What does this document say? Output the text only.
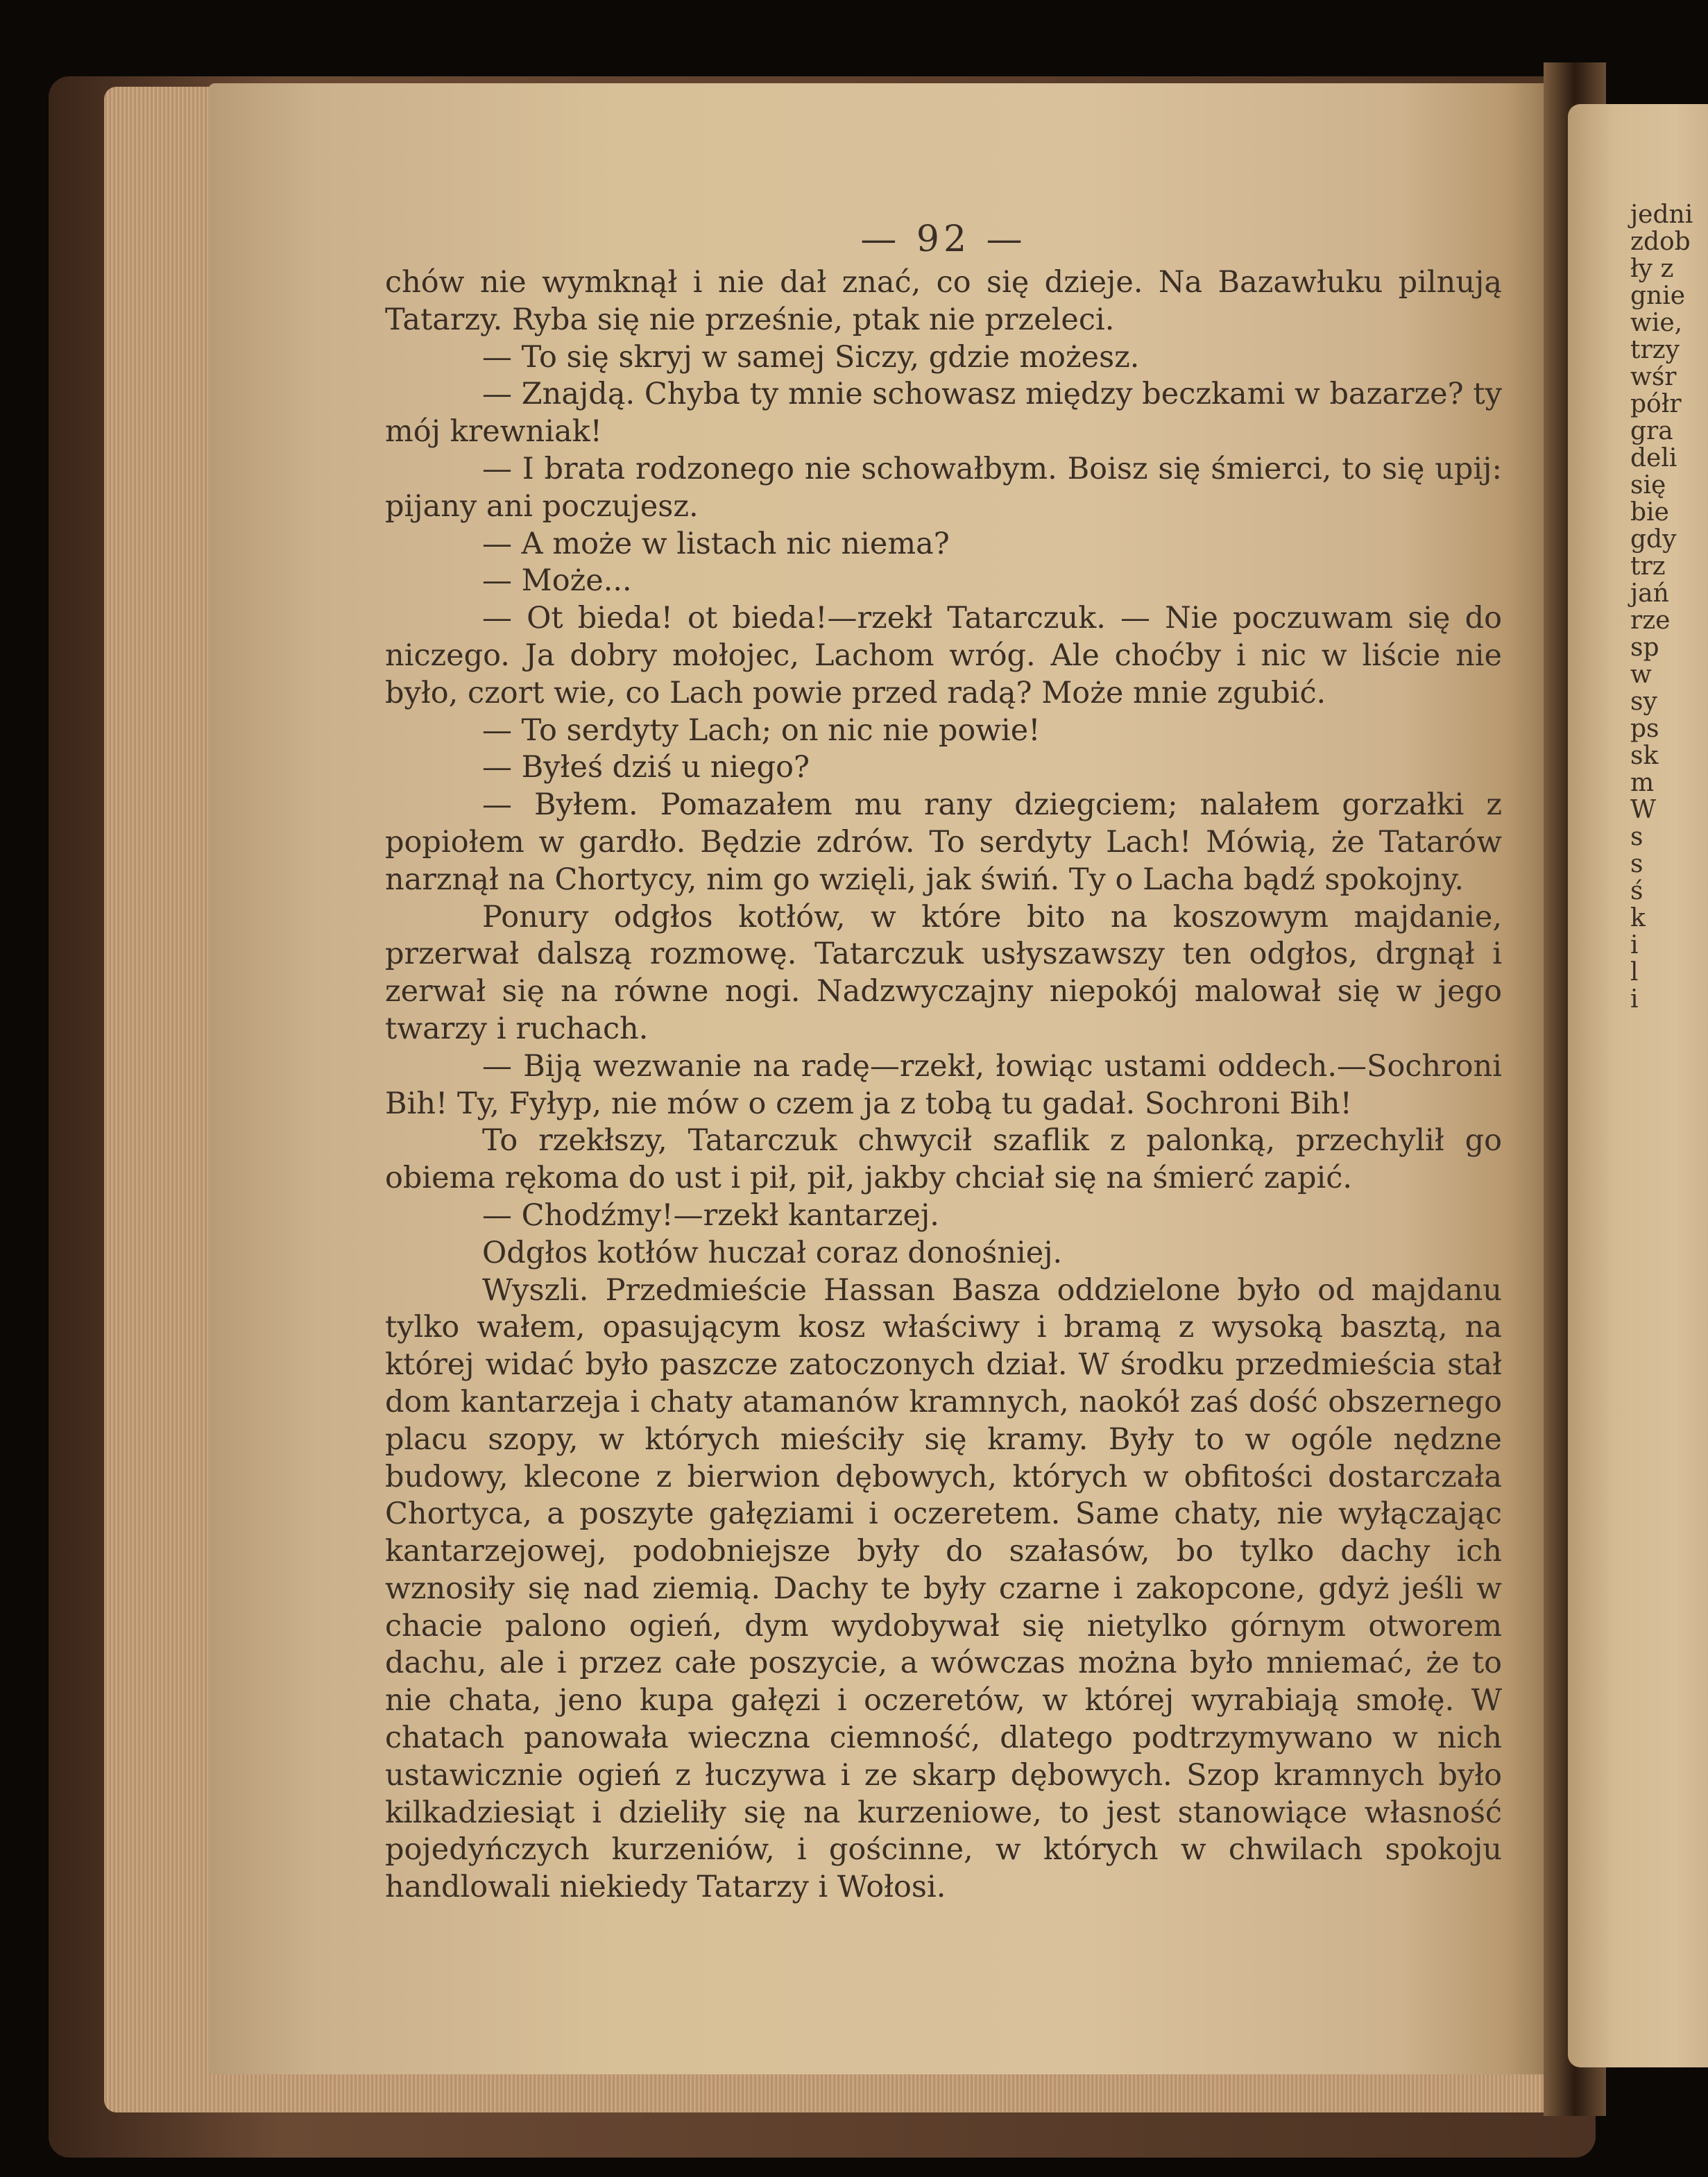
jedni
zdob
ły z
gnie
wie,
trzy
wśr
półr
gra
deli
się
bie
gdy
trz
jań
rze
sp
w
sy
ps
sk
m
W
s
s
ś
k
i
l
i
— 92 —

chów nie wymknął i nie dał znać, co się dzieje. Na Bazawłuku pilnują Tatarzy. Ryba się nie prześnie, ptak nie przeleci.

— To się skryj w samej Siczy, gdzie możesz.

— Znajdą. Chyba ty mnie schowasz między beczkami w bazarze? ty mój krewniak!

— I brata rodzonego nie schowałbym. Boisz się śmierci, to się upij: pijany ani poczujesz.

— A może w listach nic niema?

— Może...

— Ot bieda! ot bieda!—rzekł Tatarczuk. — Nie poczuwam się do niczego. Ja dobry mołojec, Lachom wróg. Ale choćby i nic w liście nie było, czort wie, co Lach powie przed radą? Może mnie zgubić.

— To serdyty Lach; on nic nie powie!

— Byłeś dziś u niego?

— Byłem. Pomazałem mu rany dziegciem; nalałem gorzałki z popiołem w gardło. Będzie zdrów. To serdyty Lach! Mówią, że Tatarów narznął na Chortycy, nim go wzięli, jak świń. Ty o Lacha bądź spokojny.

Ponury odgłos kotłów, w które bito na koszowym majdanie, przerwał dalszą rozmowę. Tatarczuk usłyszawszy ten odgłos, drgnął i zerwał się na równe nogi. Nadzwyczajny niepokój malował się w jego twarzy i ruchach.

— Biją wezwanie na radę—rzekł, łowiąc ustami oddech.—Sochroni Bih! Ty, Fyłyp, nie mów o czem ja z tobą tu gadał. Sochroni Bih!

To rzekłszy, Tatarczuk chwycił szaflik z palonką, przechylił go obiema rękoma do ust i pił, pił, jakby chciał się na śmierć zapić.

— Chodźmy!—rzekł kantarzej.

Odgłos kotłów huczał coraz donośniej.

Wyszli. Przedmieście Hassan Basza oddzielone było od majdanu tylko wałem, opasującym kosz właściwy i bramą z wysoką basztą, na której widać było paszcze zatoczonych dział. W środku przedmieścia stał dom kantarzeja i chaty atamanów kramnych, naokół zaś dość obszernego placu szopy, w których mieściły się kramy. Były to w ogóle nędzne budowy, klecone z bierwion dębowych, których w obfitości dostarczała Chortyca, a poszyte gałęziami i oczeretem. Same chaty, nie wyłączając kantarzejowej, podobniejsze były do szałasów, bo tylko dachy ich wznosiły się nad ziemią. Dachy te były czarne i zakopcone, gdyż jeśli w chacie palono ogień, dym wydobywał się nietylko górnym otworem dachu, ale i przez całe poszycie, a wówczas można było mniemać, że to nie chata, jeno kupa gałęzi i oczeretów, w której wyrabiają smołę. W chatach panowała wieczna ciemność, dlatego podtrzymywano w nich ustawicznie ogień z łuczywa i ze skarp dębowych. Szop kramnych było kilkadziesiąt i dzieliły się na kurzeniowe, to jest stanowiące własność pojedyńczych kurzeniów, i gościnne, w których w chwilach spokoju handlowali niekiedy Tatarzy i Wołosi.
